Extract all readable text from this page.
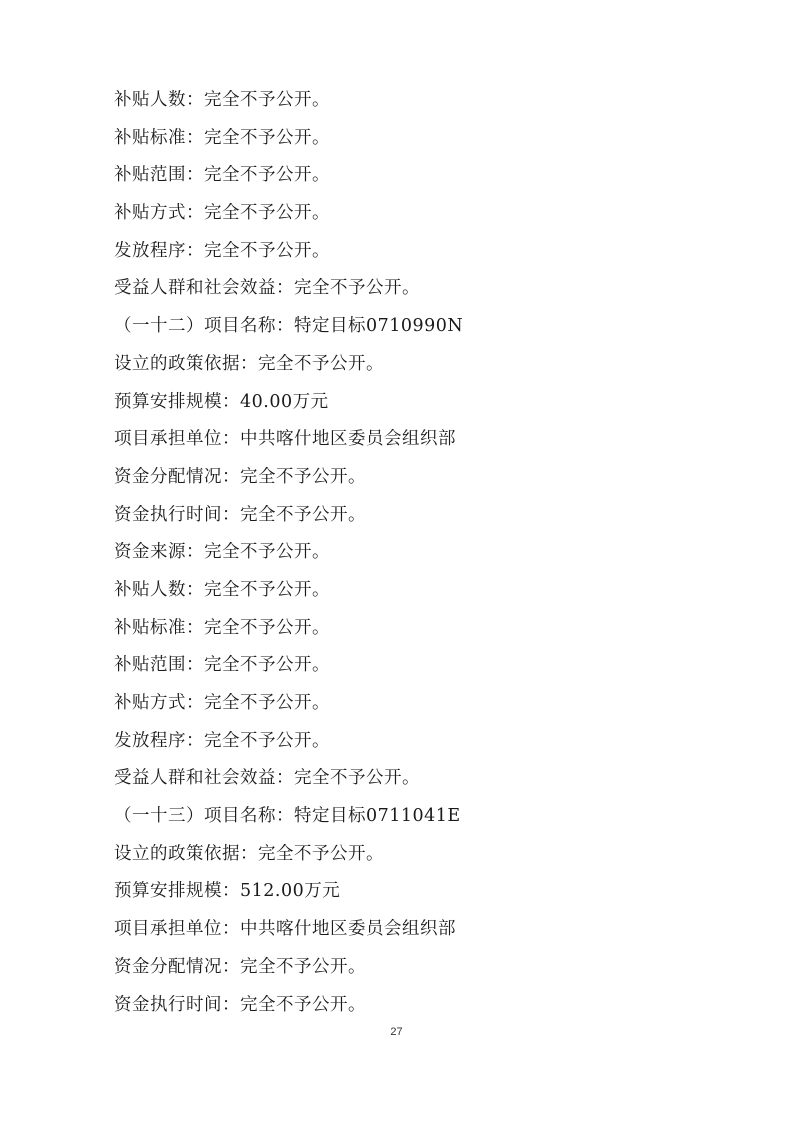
补贴人数：完全不予公开。
补贴标准：完全不予公开。
补贴范围：完全不予公开。
补贴方式：完全不予公开。
发放程序：完全不予公开。
受益人群和社会效益：完全不予公开。
（一十二）项目名称：特定目标0710990N
设立的政策依据：完全不予公开。
预算安排规模：40.00万元
项目承担单位：中共喀什地区委员会组织部
资金分配情况：完全不予公开。
资金执行时间：完全不予公开。
资金来源：完全不予公开。
补贴人数：完全不予公开。
补贴标准：完全不予公开。
补贴范围：完全不予公开。
补贴方式：完全不予公开。
发放程序：完全不予公开。
受益人群和社会效益：完全不予公开。
（一十三）项目名称：特定目标0711041E
设立的政策依据：完全不予公开。
预算安排规模：512.00万元
项目承担单位：中共喀什地区委员会组织部
资金分配情况：完全不予公开。
资金执行时间：完全不予公开。
27
